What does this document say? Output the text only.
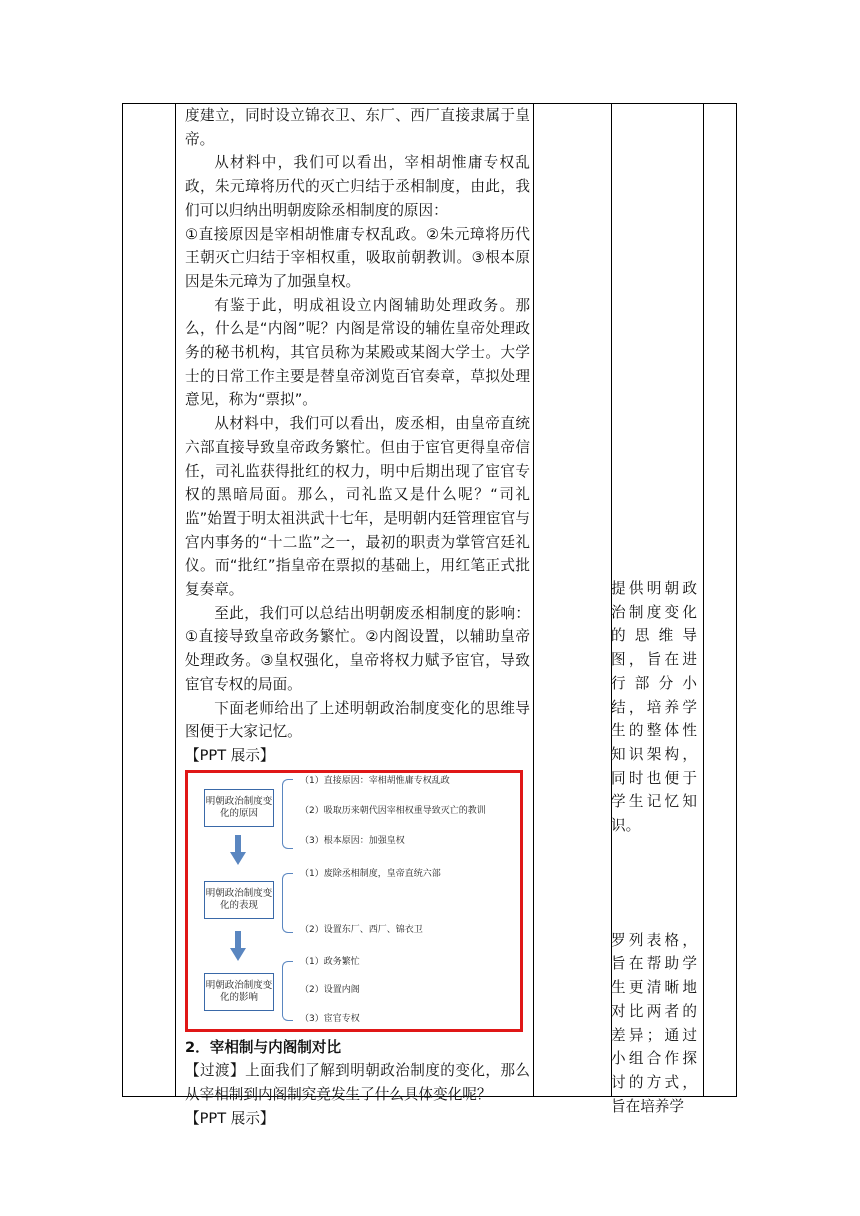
度建立，同时设立锦衣卫、东厂、西厂直接隶属于皇帝。

从材料中，我们可以看出，宰相胡惟庸专权乱政，朱元璋将历代的灭亡归结于丞相制度，由此，我们可以归纳出明朝废除丞相制度的原因：

①直接原因是宰相胡惟庸专权乱政。②朱元璋将历代王朝灭亡归结于宰相权重，吸取前朝教训。③根本原因是朱元璋为了加强皇权。

有鉴于此，明成祖设立内阁辅助处理政务。那么，什么是“内阁”呢？内阁是常设的辅佐皇帝处理政务的秘书机构，其官员称为某殿或某阁大学士。大学士的日常工作主要是替皇帝浏览百官奏章，草拟处理意见，称为“票拟”。

从材料中，我们可以看出，废丞相，由皇帝直统六部直接导致皇帝政务繁忙。但由于宦官更得皇帝信任，司礼监获得批红的权力，明中后期出现了宦官专权的黑暗局面。那么，司礼监又是什么呢？“司礼监”始置于明太祖洪武十七年，是明朝内廷管理宦官与宫内事务的“十二监”之一，最初的职责为掌管宫廷礼仪。而“批红”指皇帝在票拟的基础上，用红笔正式批复奏章。

至此，我们可以总结出明朝废丞相制度的影响：①直接导致皇帝政务繁忙。②内阁设置，以辅助皇帝处理政务。③皇权强化，皇帝将权力赋予宦官，导致宦官专权的局面。

下面老师给出了上述明朝政治制度变化的思维导图便于大家记忆。

【PPT 展示】

明朝政治制度变化的原因
明朝政治制度变化的表现
明朝政治制度变化的影响
（1）直接原因：宰相胡惟庸专权乱政
（2）吸取历来朝代因宰相权重导致灭亡的教训
（3）根本原因：加强皇权
（1）废除丞相制度，皇帝直统六部
（2）设置东厂、西厂、锦衣卫
（1）政务繁忙
（2）设置内阁
（3）宦官专权

2．宰相制与内阁制对比

【过渡】上面我们了解到明朝政治制度的变化，那么从宰相制到内阁制究竟发生了什么具体变化呢？

【PPT 展示】

提供明朝政治制度变化的思维导图，旨在进行部分小结，培养学生的整体性知识架构，同时也便于学生记忆知识。

罗列表格，旨在帮助学生更清晰地对比两者的差异；通过小组合作探讨的方式，旨在培养学
